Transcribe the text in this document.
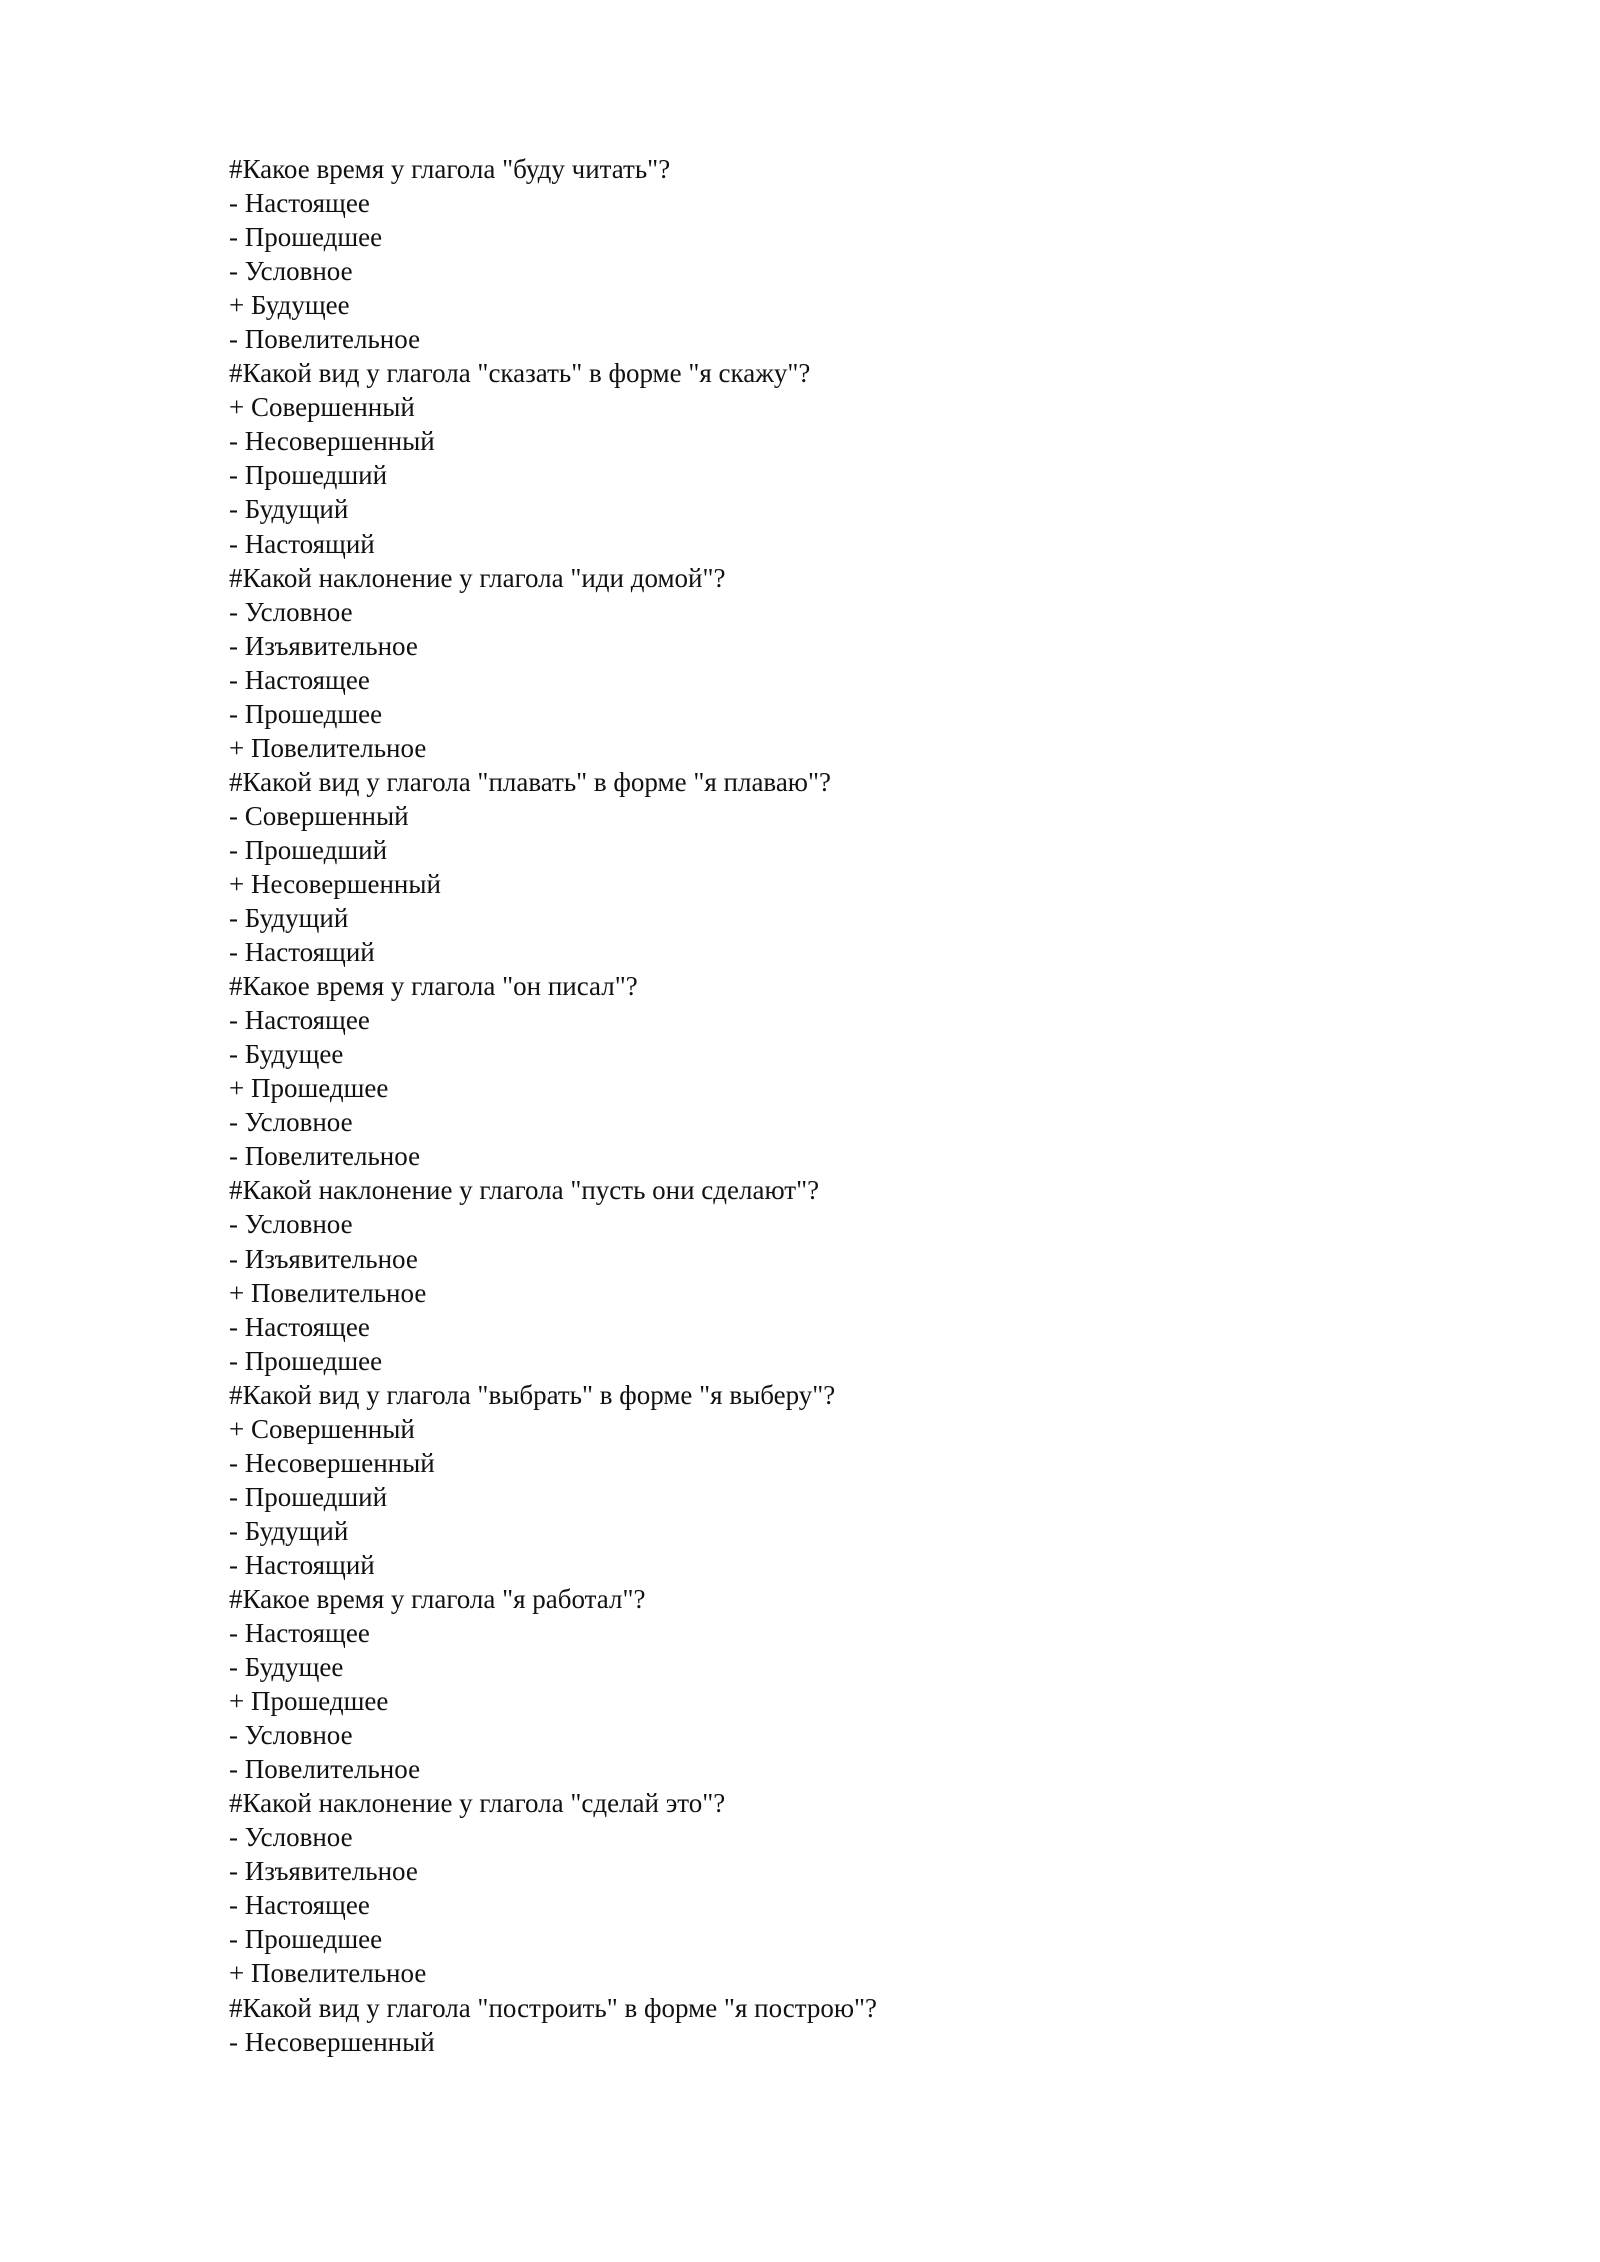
#Какое время у глагола "буду читать"?

- Настоящее

- Прошедшее

- Условное

+ Будущее

- Повелительное

#Какой вид у глагола "сказать" в форме "я скажу"?

+ Совершенный

- Несовершенный

- Прошедший

- Будущий

- Настоящий

#Какой наклонение у глагола "иди домой"?

- Условное

- Изъявительное

- Настоящее

- Прошедшее

+ Повелительное

#Какой вид у глагола "плавать" в форме "я плаваю"?

- Совершенный

- Прошедший

+ Несовершенный

- Будущий

- Настоящий

#Какое время у глагола "он писал"?

- Настоящее

- Будущее

+ Прошедшее

- Условное

- Повелительное

#Какой наклонение у глагола "пусть они сделают"?

- Условное

- Изъявительное

+ Повелительное

- Настоящее

- Прошедшее

#Какой вид у глагола "выбрать" в форме "я выберу"?

+ Совершенный

- Несовершенный

- Прошедший

- Будущий

- Настоящий

#Какое время у глагола "я работал"?

- Настоящее

- Будущее

+ Прошедшее

- Условное

- Повелительное

#Какой наклонение у глагола "сделай это"?

- Условное

- Изъявительное

- Настоящее

- Прошедшее

+ Повелительное

#Какой вид у глагола "построить" в форме "я построю"?

- Несовершенный
